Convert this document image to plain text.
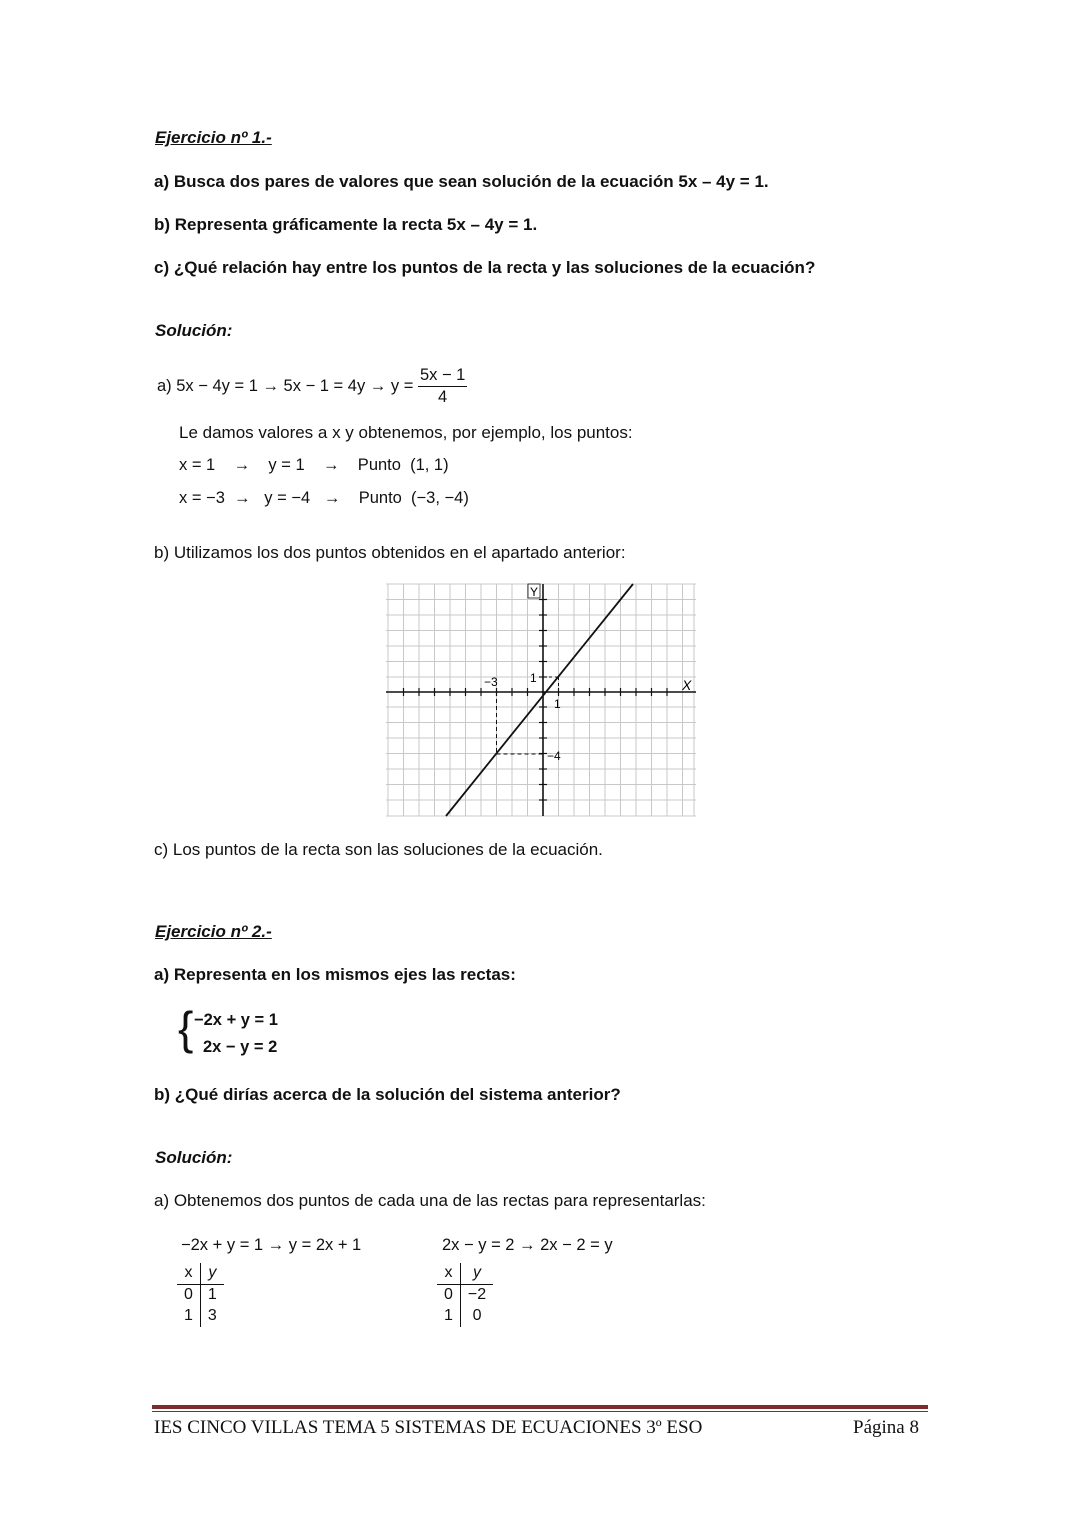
Ejercicio nº 1.-
a) Busca dos pares de valores que sean solución de la ecuación 5x – 4y = 1.
b) Representa gráficamente la recta 5x – 4y = 1.
c) ¿Qué relación hay entre los puntos de la recta y las soluciones de la ecuación?
Solución:
a) $5x - 4y = 1 \to 5x - 1 = 4y \to y = \frac{5x - 1}{4}$
Le damos valores a x y obtenemos, por ejemplo, los puntos:
x = 1    →    y = 1    →    Punto  (1, 1)
x = −3  →   y = −4   →    Punto  (−3, −4)
b) Utilizamos los dos puntos obtenidos en el apartado anterior:
Y
X
−3	1
1
−4
c) Los puntos de la recta son las soluciones de la ecuación.
Ejercicio nº 2.-
a) Representa en los mismos ejes las rectas:
{ −2x + y = 1
2x − y = 2
b) ¿Qué dirías acerca de la solución del sistema anterior?
Solución:
a) Obtenemos dos puntos de cada una de las rectas para representarlas:
−2x + y = 1 → y = 2x + 1	2x − y = 2 → 2x − 2 = y
x	y
0	1
1	3
x	y
0	−2
1	0
IES CINCO VILLAS TEMA 5 SISTEMAS DE ECUACIONES 3º ESO	Página 8
